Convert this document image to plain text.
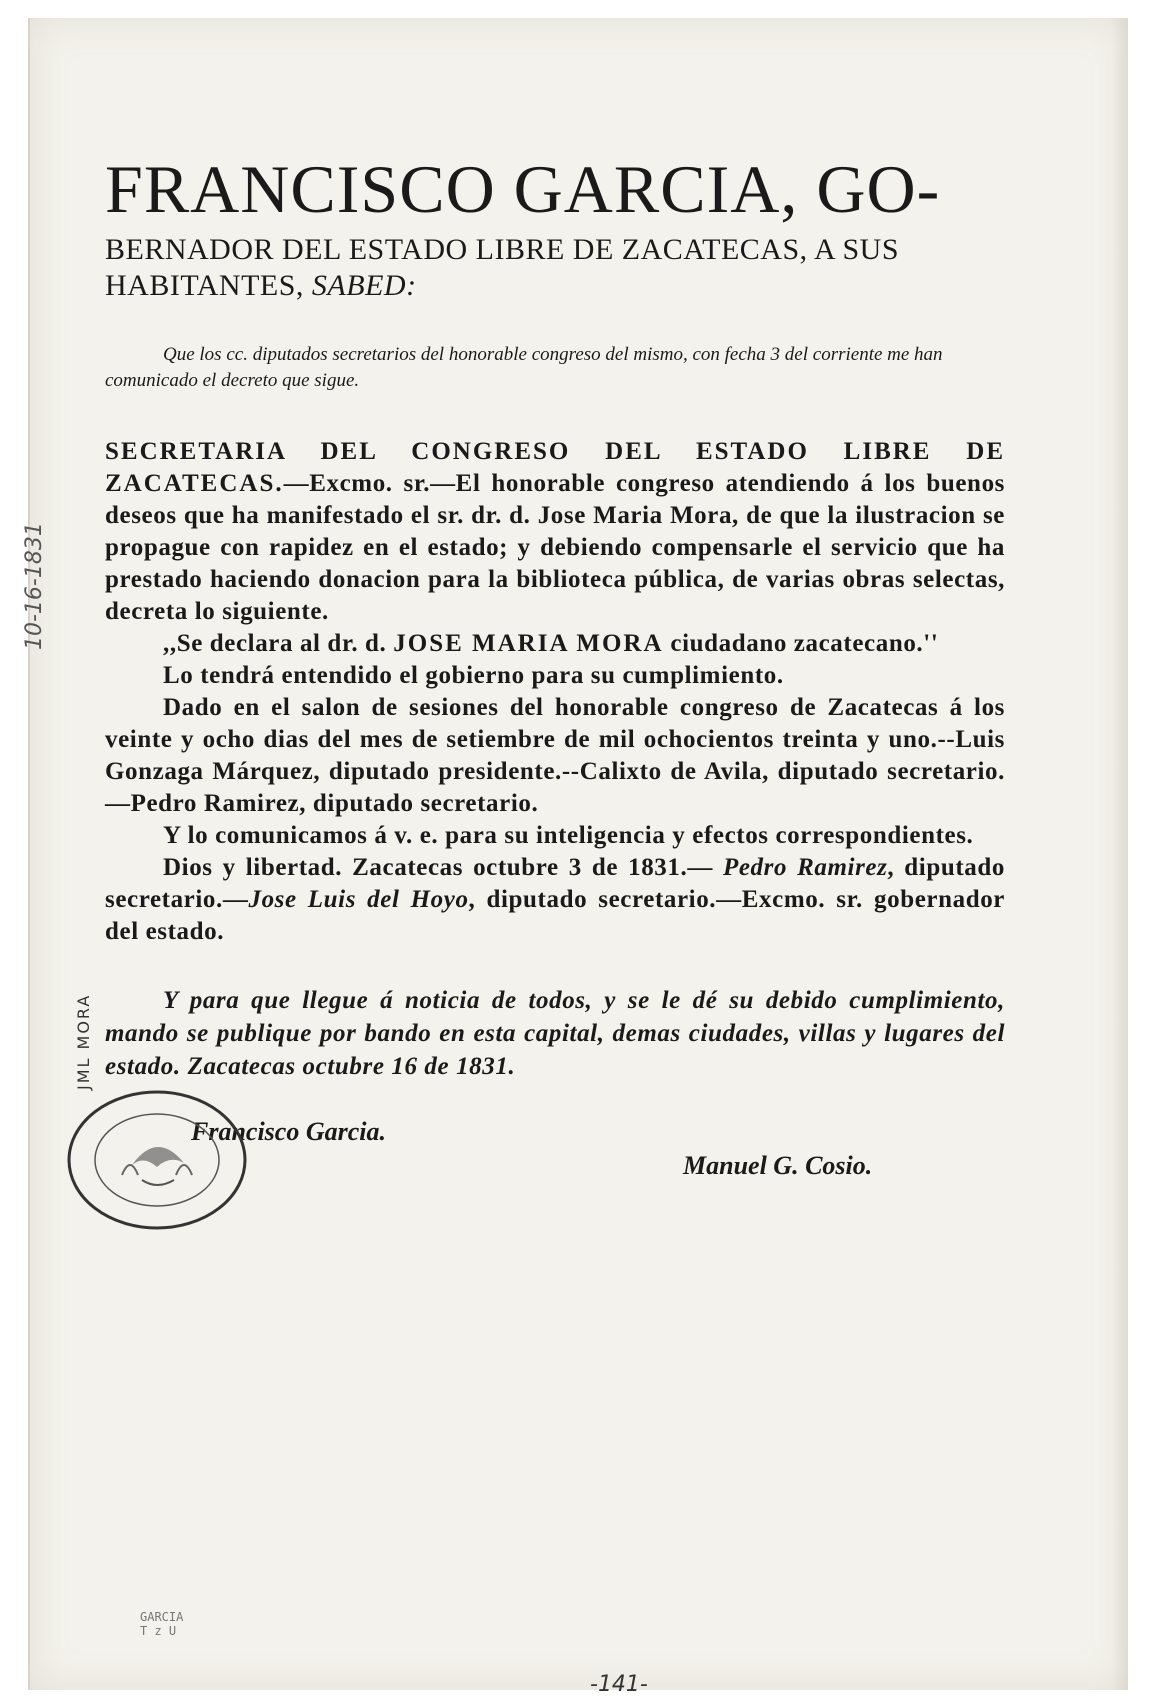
FRANCISCO GARCIA, GO-

BERNADOR DEL ESTADO LIBRE DE ZACATECAS, A SUS HABITANTES, SABED:

Que los cc. diputados secretarios del honorable congreso del mismo, con fecha 3 del corriente me han comunicado el decreto que sigue.

SECRETARIA DEL CONGRESO DEL ESTADO LIBRE DE ZACATECAS.—Excmo. sr.—El honorable congreso atendiendo á los buenos deseos que ha manifestado el sr. dr. d. Jose Maria Mora, de que la ilustracion se propague con rapidez en el estado; y debiendo compensarle el servicio que ha prestado haciendo donacion para la biblioteca pública, de varias obras selectas, decreta lo siguiente.

,,Se declara al dr. d. JOSE MARIA MORA ciudadano zacatecano.''

Lo tendrá entendido el gobierno para su cumplimiento.

Dado en el salon de sesiones del honorable congreso de Zacatecas á los veinte y ocho dias del mes de setiembre de mil ochocientos treinta y uno.--Luis Gonzaga Márquez, diputado presidente.--Calixto de Avila, diputado secretario.—Pedro Ramirez, diputado secretario.

Y lo comunicamos á v. e. para su inteligencia y efectos correspondientes.

Dios y libertad. Zacatecas octubre 3 de 1831.— Pedro Ramirez, diputado secretario.—Jose Luis del Hoyo, diputado secretario.—Excmo. sr. gobernador del estado.

Y para que llegue á noticia de todos, y se le dé su debido cumplimiento, mando se publique por bando en esta capital, demas ciudades, villas y lugares del estado. Zacatecas octubre 16 de 1831.

Francisco Garcia.
Manuel G. Cosio.
10-16-1831
JML MORA
GARCIA
T z U
-141-
